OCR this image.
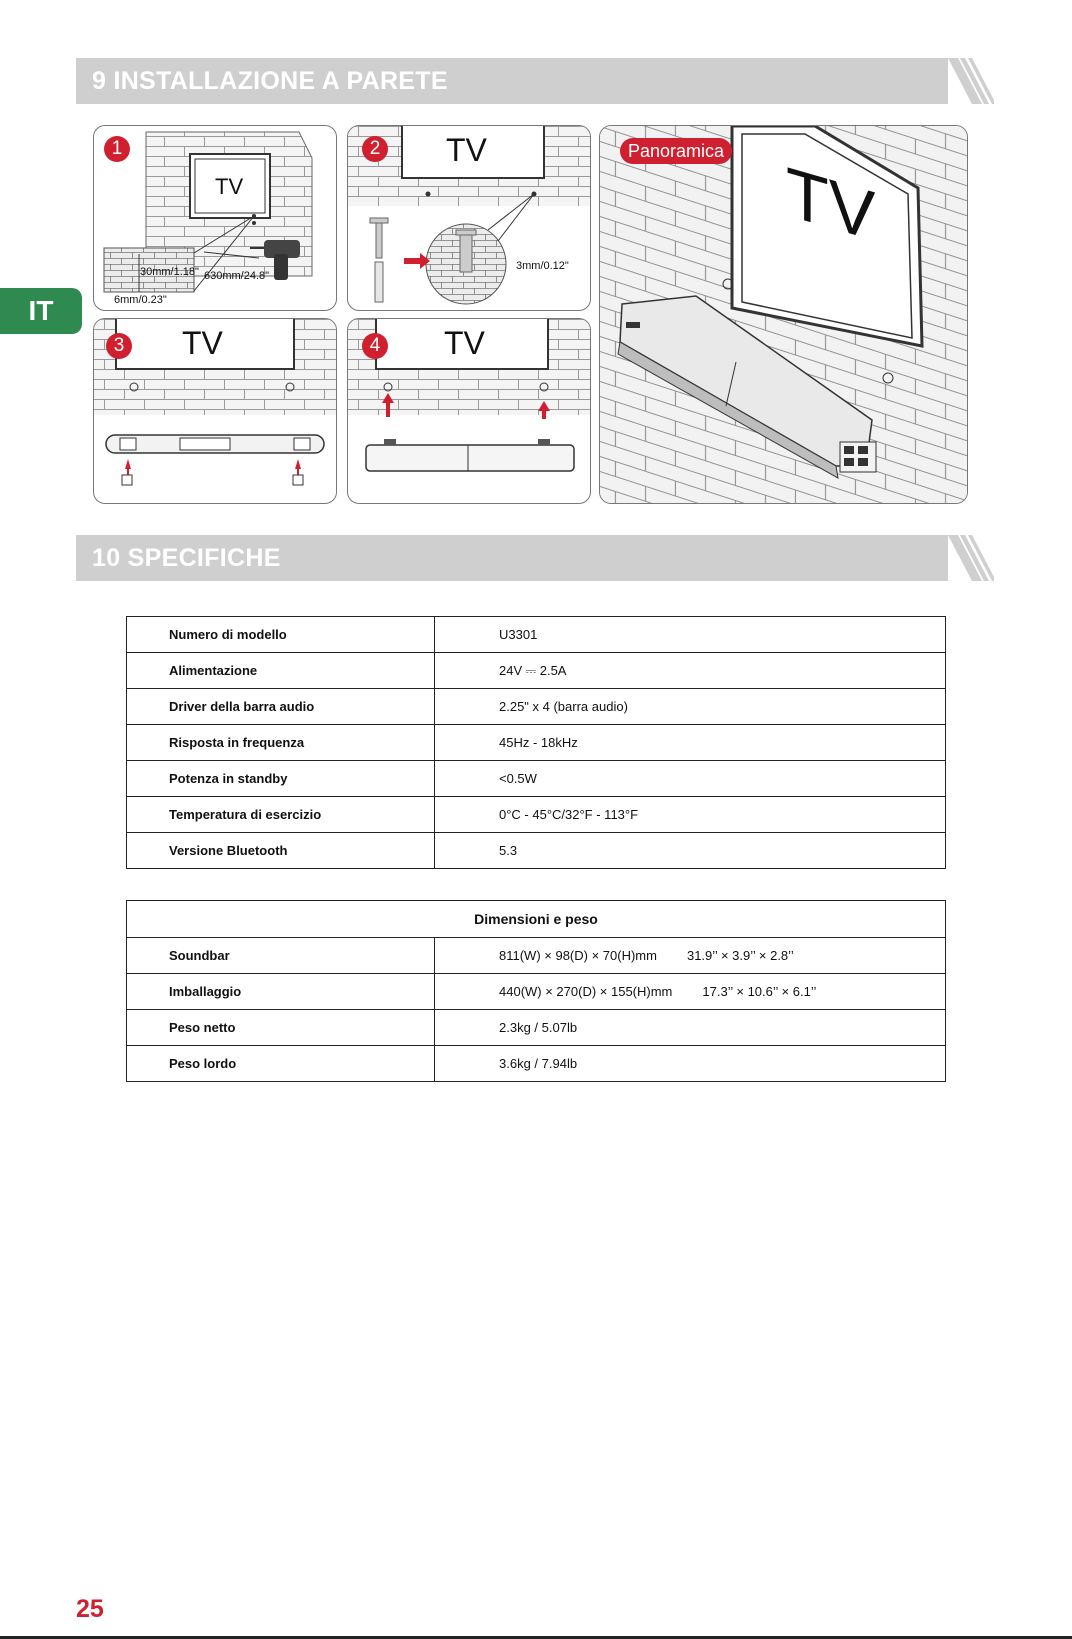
9 INSTALLAZIONE A PARETE
IT
1
TV
30mm/1.18" 630mm/24.8"
6mm/0.23"
2 TV
3mm/0.12"
3 TV	4 TV
Panoramica
TV
10 SPECIFICHE
Numero di modello	U3301
Alimentazione	24V ⎓ 2.5A
Driver della barra audio	2.25" x 4 (barra audio)
Risposta in frequenza	45Hz - 18kHz
Potenza in standby	<0.5W
Temperatura di esercizio	0°C - 45°C/32°F - 113°F
Versione Bluetooth	5.3
Dimensioni e peso	
Soundbar	811(W) × 98(D) × 70(H)mm 31.9’’ × 3.9’’ × 2.8’’
Imballaggio	440(W) × 270(D) × 155(H)mm 17.3’’ × 10.6’’ × 6.1’’
Peso netto	2.3kg / 5.07lb
Peso lordo	3.6kg / 7.94lb
25
